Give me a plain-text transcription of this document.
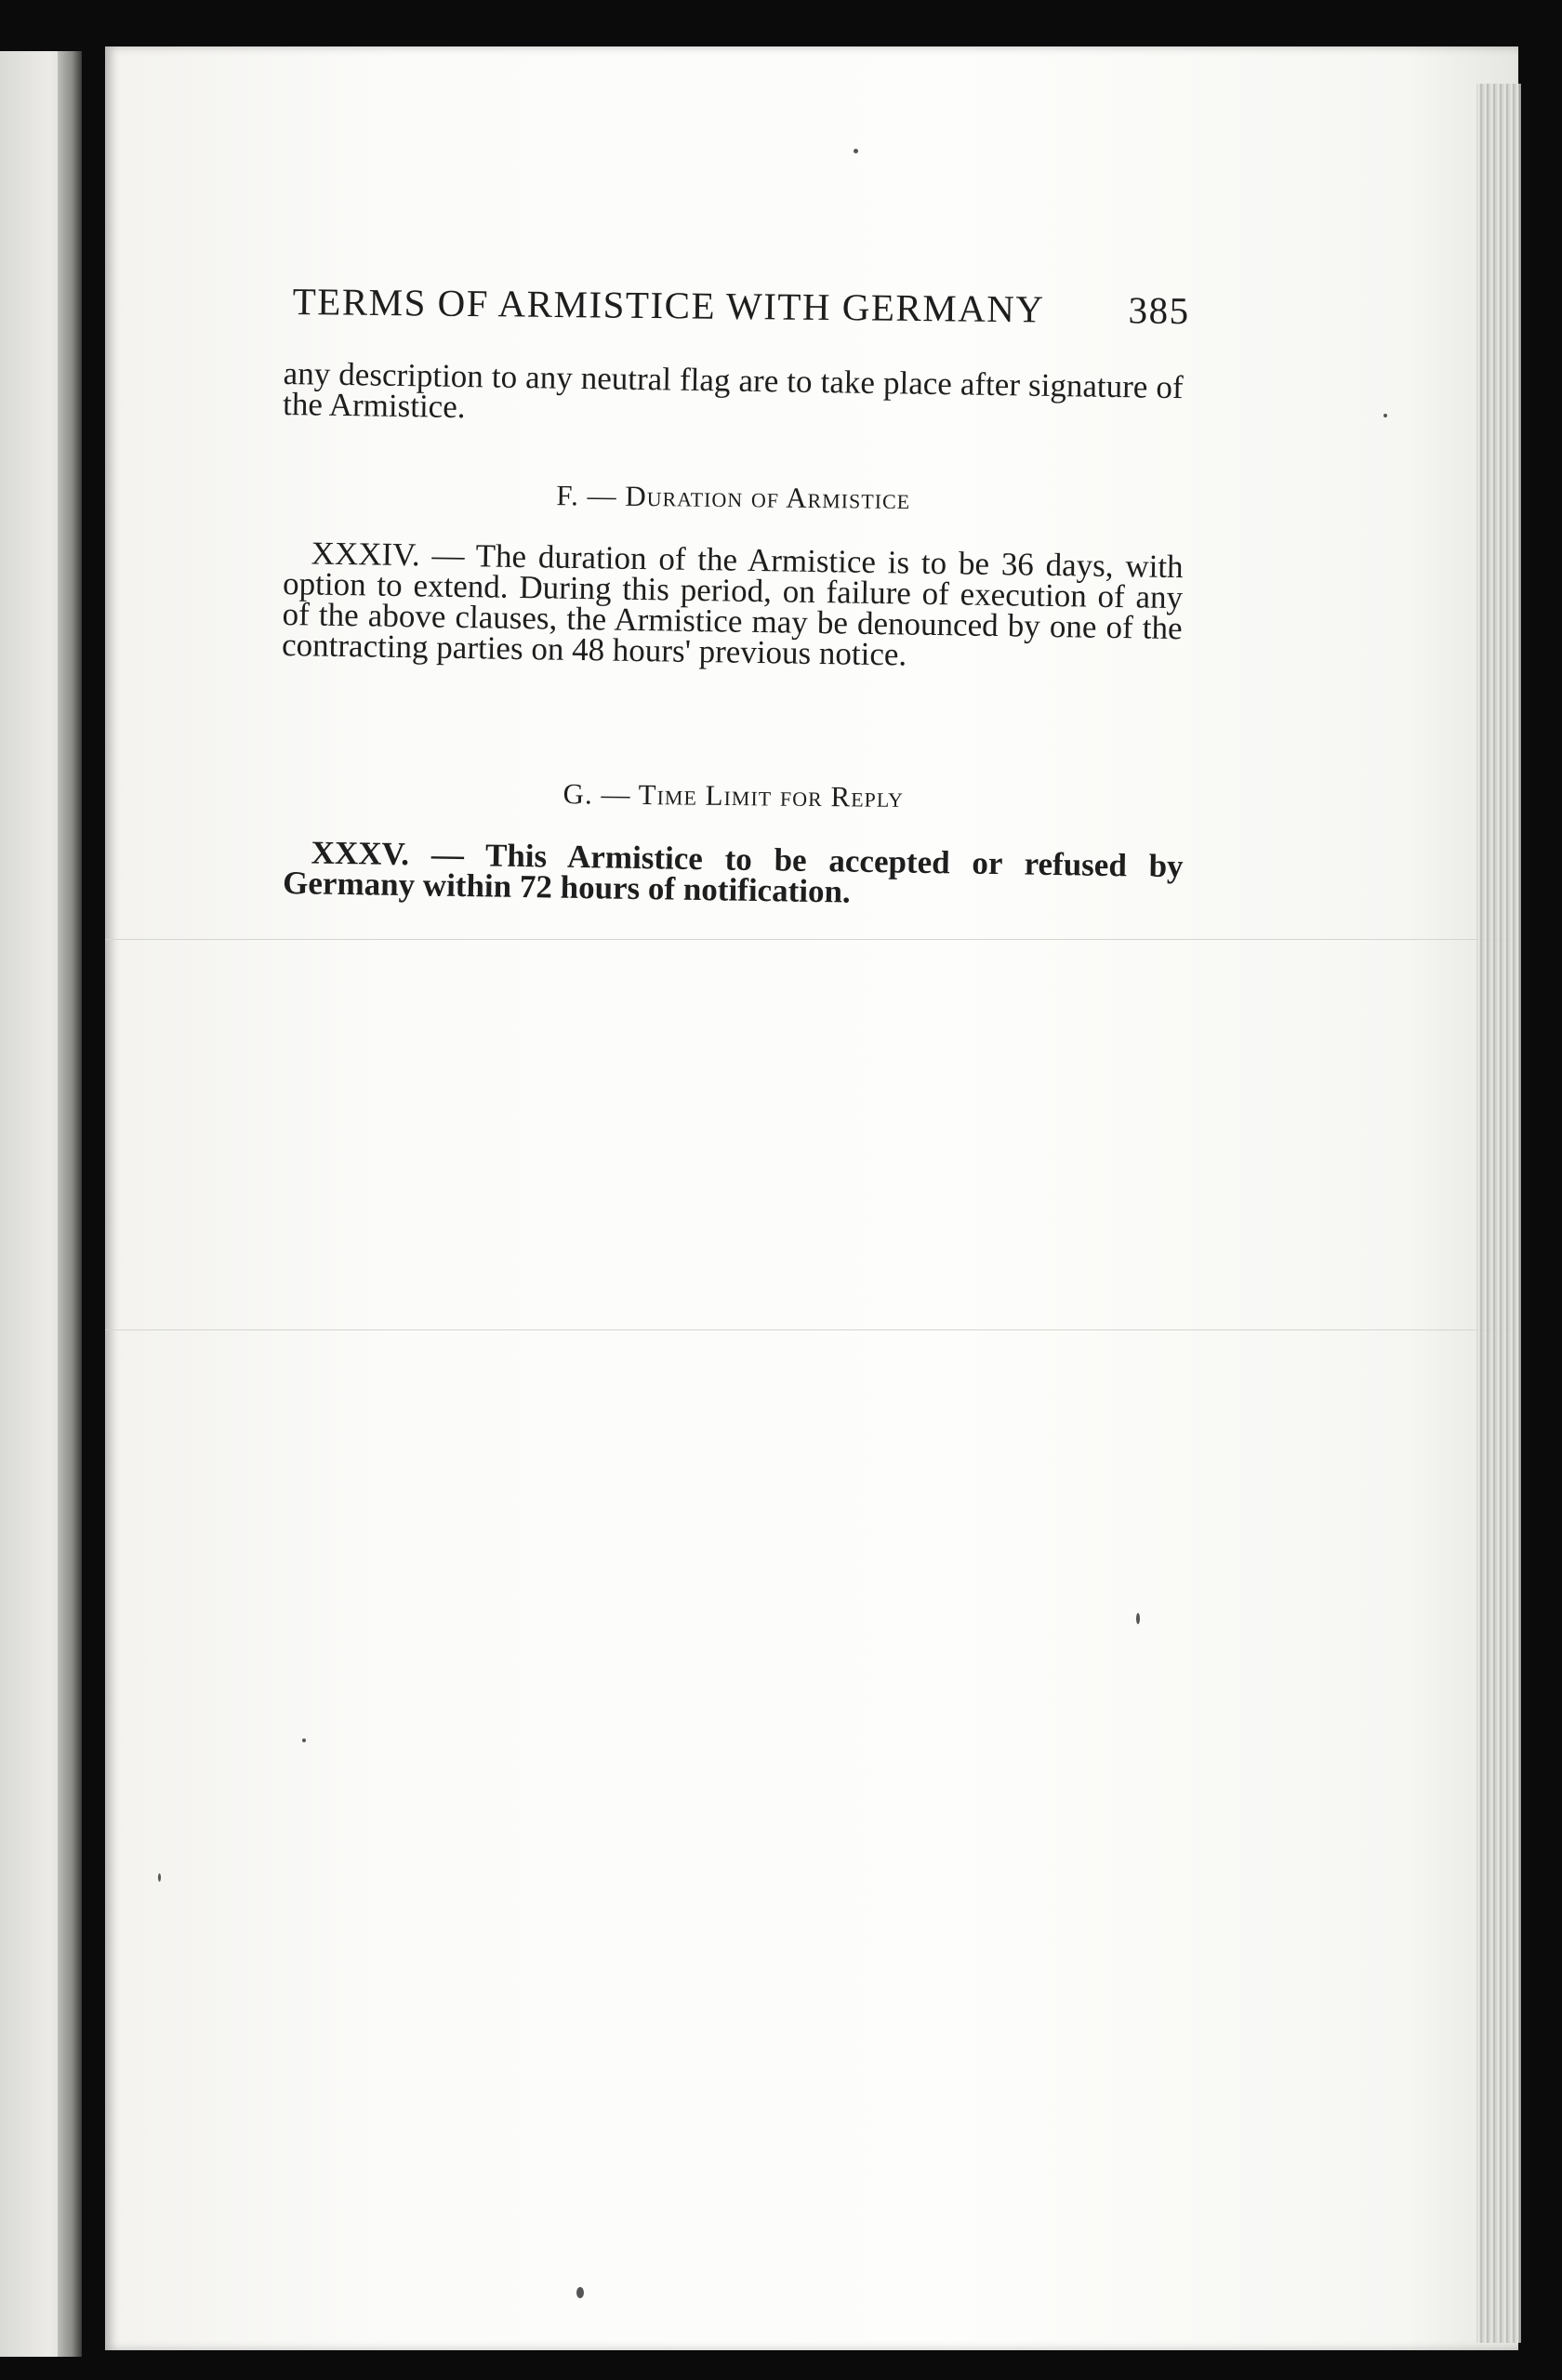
TERMS OF ARMISTICE WITH GERMANY 385
any description to any neutral flag are to take place after signature of the Armistice.
F. — Duration of Armistice
XXXIV. — The duration of the Armistice is to be 36 days, with option to extend. During this period, on failure of execution of any of the above clauses, the Armistice may be denounced by one of the contracting parties on 48 hours' previous notice.
G. — Time Limit for Reply
XXXV. — This Armistice to be accepted or refused by Germany within 72 hours of notification.
